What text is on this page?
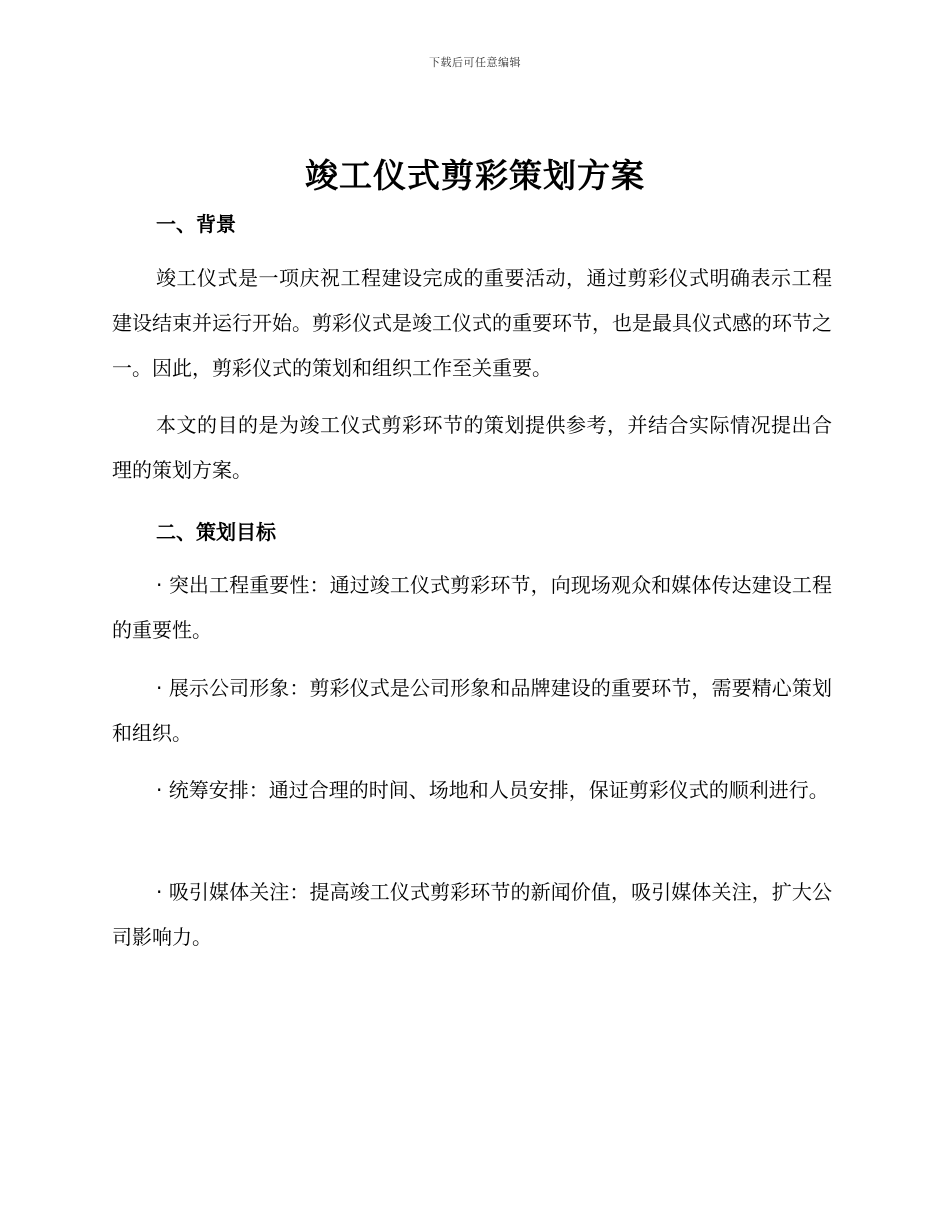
下载后可任意编辑
竣工仪式剪彩策划方案
一、背景

竣工仪式是一项庆祝工程建设完成的重要活动，通过剪彩仪式明确表示工程建设结束并运行开始。剪彩仪式是竣工仪式的重要环节，也是最具仪式感的环节之一。因此，剪彩仪式的策划和组织工作至关重要。

本文的目的是为竣工仪式剪彩环节的策划提供参考，并结合实际情况提出合理的策划方案。

二、策划目标

· 突出工程重要性：通过竣工仪式剪彩环节，向现场观众和媒体传达建设工程的重要性。

· 展示公司形象：剪彩仪式是公司形象和品牌建设的重要环节，需要精心策划和组织。

· 统筹安排：通过合理的时间、场地和人员安排，保证剪彩仪式的顺利进行。

· 吸引媒体关注：提高竣工仪式剪彩环节的新闻价值，吸引媒体关注，扩大公司影响力。
